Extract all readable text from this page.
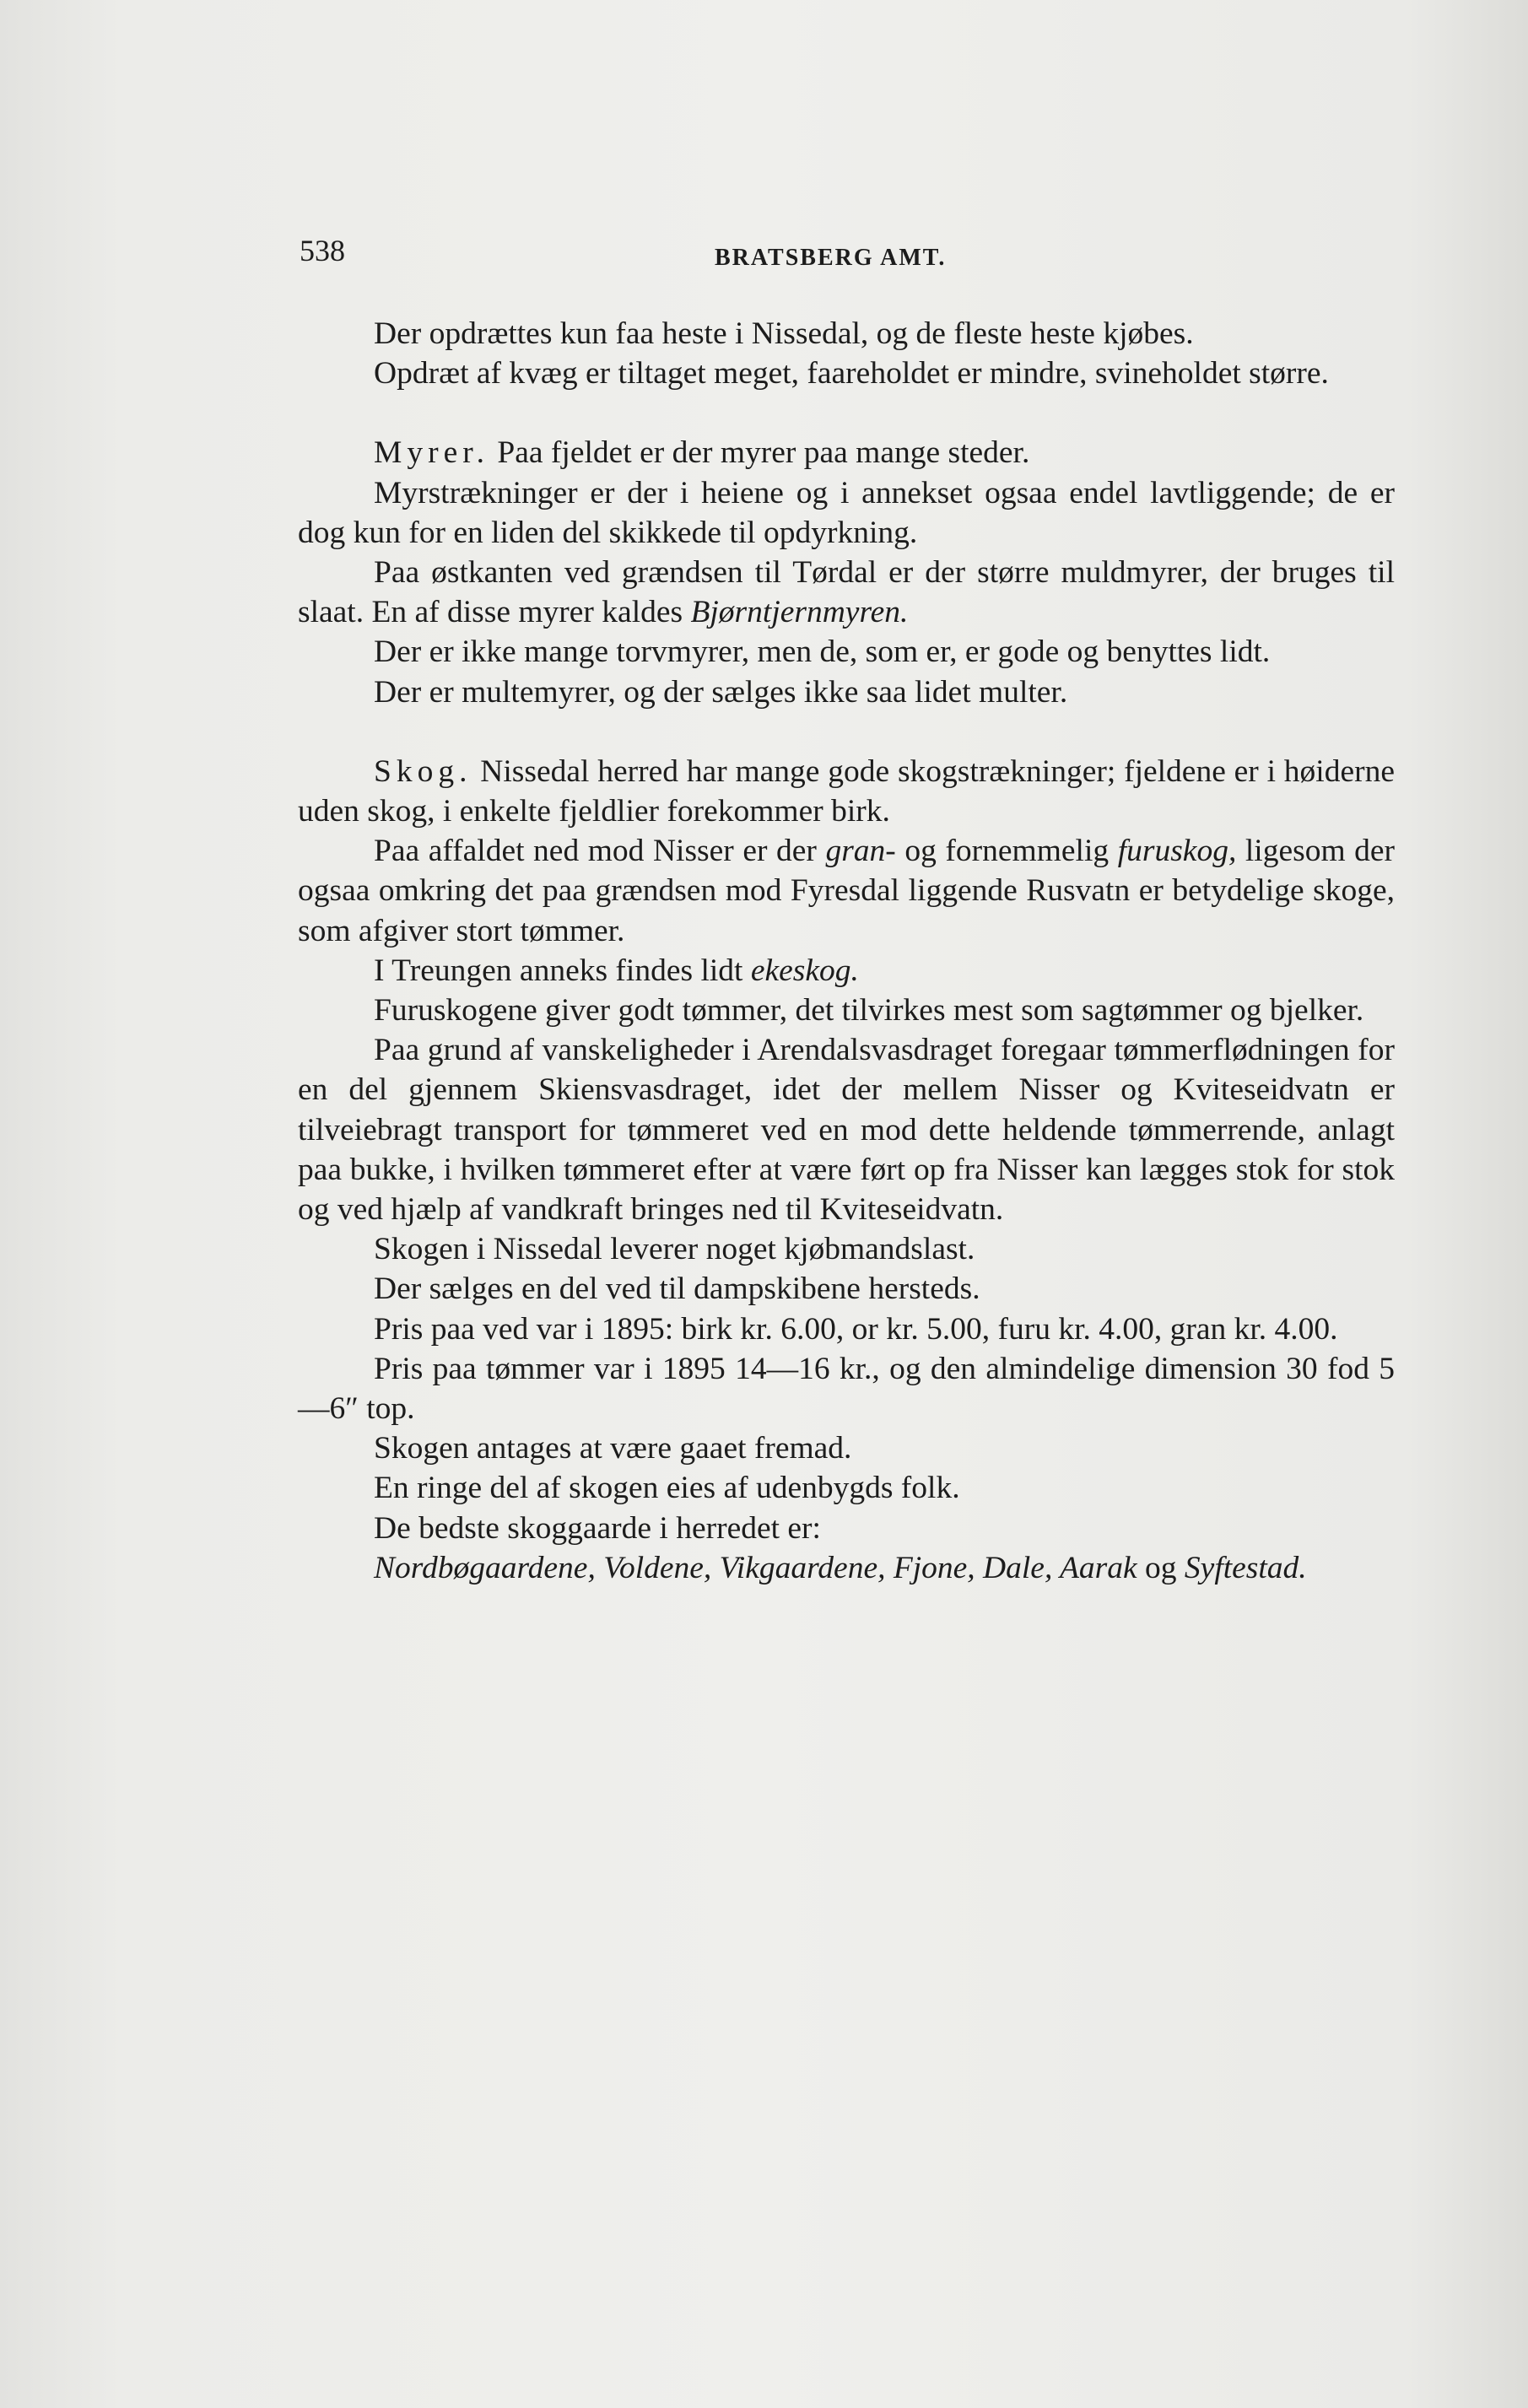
538	BRATSBERG AMT.

Der opdrættes kun faa heste i Nissedal, og de fleste heste kjøbes.

Opdræt af kvæg er tiltaget meget, faareholdet er mindre, svineholdet større.

Myrer. Paa fjeldet er der myrer paa mange steder.

Myrstrækninger er der i heiene og i annekset ogsaa endel lavtliggende; de er dog kun for en liden del skikkede til opdyrkning.

Paa østkanten ved grændsen til Tørdal er der større muldmyrer, der bruges til slaat. En af disse myrer kaldes Bjørntjernmyren.

Der er ikke mange torvmyrer, men de, som er, er gode og benyttes lidt.

Der er multemyrer, og der sælges ikke saa lidet multer.

Skog. Nissedal herred har mange gode skogstrækninger; fjeldene er i høiderne uden skog, i enkelte fjeldlier forekommer birk.

Paa affaldet ned mod Nisser er der gran- og fornemmelig furuskog, ligesom der ogsaa omkring det paa grændsen mod Fyresdal liggende Rusvatn er betydelige skoge, som afgiver stort tømmer.

I Treungen anneks findes lidt ekeskog.

Furuskogene giver godt tømmer, det tilvirkes mest som sagtømmer og bjelker.

Paa grund af vanskeligheder i Arendalsvasdraget foregaar tømmerflødningen for en del gjennem Skiensvasdraget, idet der mellem Nisser og Kviteseidvatn er tilveiebragt transport for tømmeret ved en mod dette heldende tømmerrende, anlagt paa bukke, i hvilken tømmeret efter at være ført op fra Nisser kan lægges stok for stok og ved hjælp af vandkraft bringes ned til Kviteseidvatn.

Skogen i Nissedal leverer noget kjøbmandslast.

Der sælges en del ved til dampskibene hersteds.

Pris paa ved var i 1895: birk kr. 6.00, or kr. 5.00, furu kr. 4.00, gran kr. 4.00.

Pris paa tømmer var i 1895 14—16 kr., og den almindelige dimension 30 fod 5—6″ top.

Skogen antages at være gaaet fremad.

En ringe del af skogen eies af udenbygds folk.

De bedste skoggaarde i herredet er:

Nordbøgaardene, Voldene, Vikgaardene, Fjone, Dale, Aarak og Syftestad.
